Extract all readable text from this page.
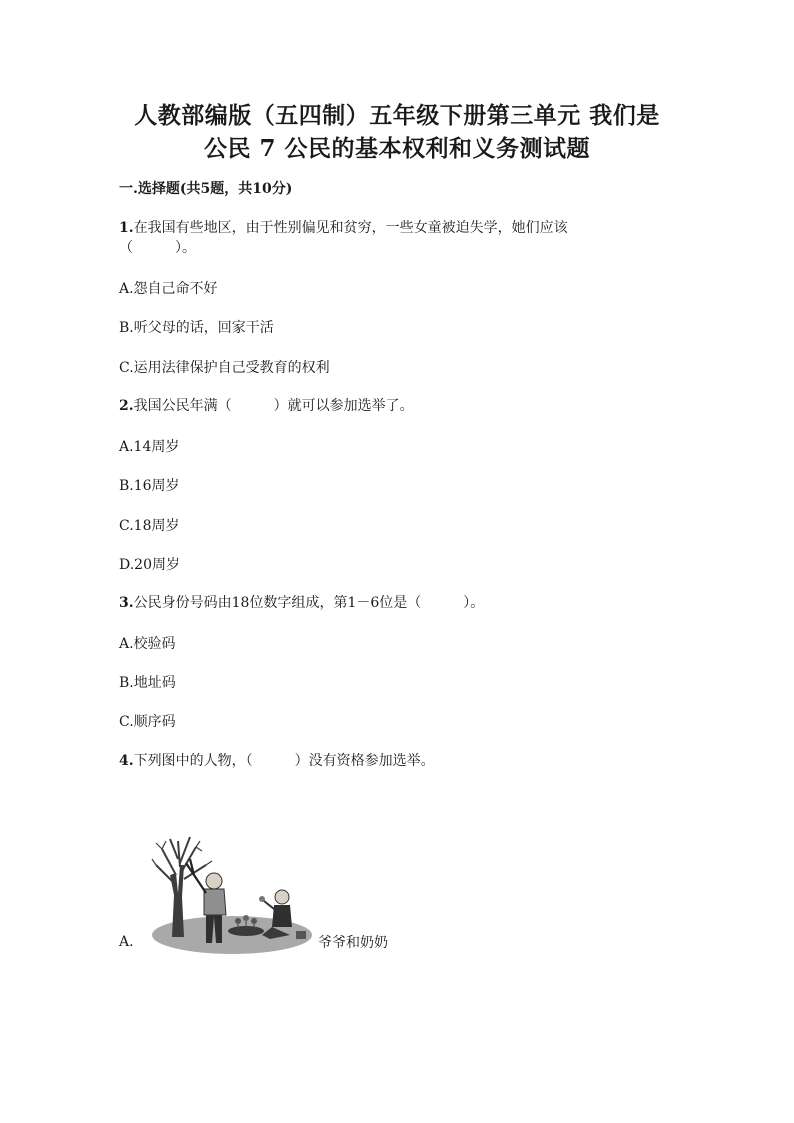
人教部编版（五四制）五年级下册第三单元 我们是
公民 7 公民的基本权利和义务测试题
一.选择题(共5题，共10分)
1.在我国有些地区，由于性别偏见和贫穷，一些女童被迫失学，她们应该
（	）。
A.怨自己命不好
B.听父母的话，回家干活
C.运用法律保护自己受教育的权利
2.我国公民年满（	）就可以参加选举了。
A.14周岁
B.16周岁
C.18周岁
D.20周岁
3.公民身份号码由18位数字组成，第1－6位是（	）。
A.校验码
B.地址码
C.顺序码
4.下列图中的人物，（	）没有资格参加选举。
A.	爷爷和奶奶
